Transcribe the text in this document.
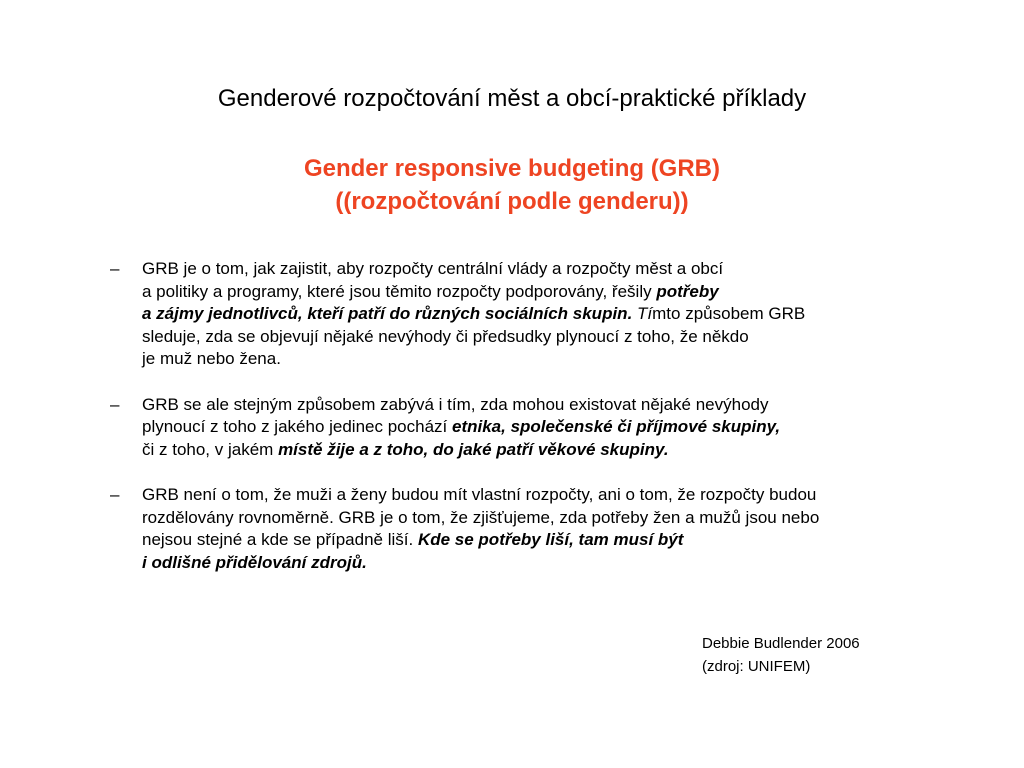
Genderové rozpočtování měst a obcí-praktické příklady
Gender responsive budgeting (GRB)
((rozpočtování podle genderu))
– GRB je o tom, jak zajistit, aby rozpočty centrální vlády a rozpočty měst a obcí
a politiky a programy, které jsou těmito rozpočty podporovány, řešily potřeby
a zájmy jednotlivců, kteří patří do různých sociálních skupin. Tímto způsobem GRB
sleduje, zda se objevují nějaké nevýhody či předsudky plynoucí z toho, že někdo
je muž nebo žena.
– GRB se ale stejným způsobem zabývá i tím, zda mohou existovat nějaké nevýhody
plynoucí z toho z jakého jedinec pochází etnika, společenské či příjmové skupiny,
či z toho, v jakém místě žije a z toho, do jaké patří věkové skupiny.
– GRB není o tom, že muži a ženy budou mít vlastní rozpočty, ani o tom, že rozpočty budou
rozdělovány rovnoměrně. GRB je o tom, že zjišťujeme, zda potřeby žen a mužů jsou nebo
nejsou stejné a kde se případně liší. Kde se potřeby liší, tam musí být
i odlišné přidělování zdrojů.
Debbie Budlender 2006
(zdroj: UNIFEM)
